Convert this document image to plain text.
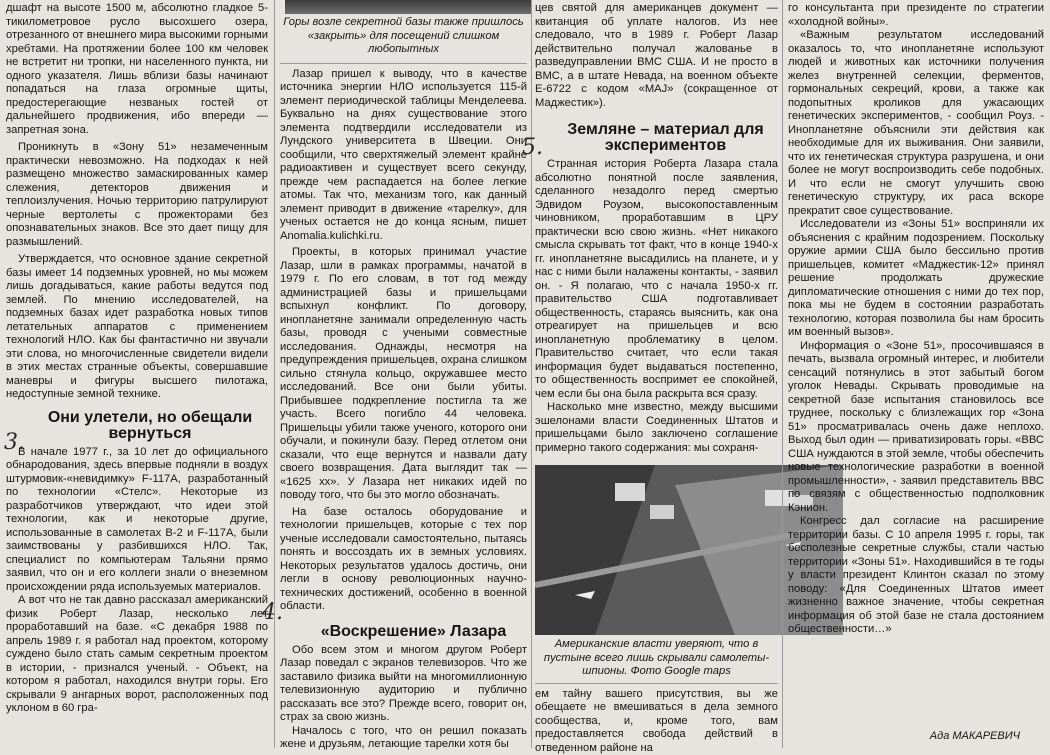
дшафт на высоте 1500 м, абсолютно гладкое 5-тикилометровое русло высохшего озера, отрезанного от внешнего мира высокими горными хребтами. На протяжении более 100 км человек не встретит ни тропки, ни населенного пункта, ни одного указателя. Лишь вблизи базы начинают попадаться на глаза огромные щиты, предостерегающие незваных гостей от дальнейшего продвижения, ибо впереди — запретная зона.

Проникнуть в «Зону 51» незамеченным практически невозможно. На подходах к ней размещено множество замаскированных камер слежения, детекторов движения и теплоизлучения. Ночью территорию патрулируют черные вертолеты с прожекторами без опознавательных знаков. Все это дает пищу для размышлений.

Утверждается, что основное здание секретной базы имеет 14 подземных уровней, но мы можем лишь догадываться, какие работы ведутся под землей. По мнению исследователей, на подземных базах идет разработка новых типов летательных аппаратов с применением технологий НЛО. Как бы фантастично ни звучали эти слова, но многочисленные свидетели видели в этих местах странные объекты, совершавшие маневры и фигуры высшего пилотажа, недоступные земной технике.

Они улетели, но обещали вернуться

В начале 1977 г., за 10 лет до официального обнародования, здесь впервые подняли в воздух штурмовик-«невидимку» F-117A, разработанный по технологии «Стелс». Некоторые из разработчиков утверждают, что идеи этой технологии, как и некоторые другие, использованные в самолетах B-2 и F-117A, были заимствованы у разбившихся НЛО. Так, специалист по компьютерам Тальяни прямо заявил, что он и его коллеги знали о внеземном происхождении ряда используемых материалов.

А вот что не так давно рассказал американский физик Роберт Лазар, несколько лет проработавший на базе. «С декабря 1988 по апрель 1989 г. я работал над проектом, которому суждено было стать самым секретным проектом в истории, - признался ученый. - Объект, на котором я работал, находился внутри горы. Его скрывали 9 ангарных ворот, расположенных под уклоном в 60 гра-

3.
Горы возле секретной базы также пришлось «закрыть» для посещений слишком любопытных

Лазар пришел к выводу, что в качестве источника энергии НЛО используется 115-й элемент периодической таблицы Менделеева. Буквально на днях существование этого элемента подтвердили исследователи из Лундского университета в Швеции. Они сообщили, что сверхтяжелый элемент крайне радиоактивен и существует всего секунду, прежде чем распадается на более легкие атомы. Так что, механизм того, как данный элемент приводит в движение «тарелку», для ученых остается не до конца ясным, пишет Anomalia.kulichki.ru.

Проекты, в которых принимал участие Лазар, шли в рамках программы, начатой в 1979 г. По его словам, в тот год между администрацией базы и пришельцами вспыхнул конфликт. По договору, инопланетяне занимали определенную часть базы, проводя с учеными совместные исследования. Однажды, несмотря на предупреждения пришельцев, охрана слишком сильно стянула кольцо, окружавшее место исследований. Все они были убиты. Прибывшее подкрепление постигла та же участь. Всего погибло 44 человека. Пришельцы убили также ученого, которого они обучали, и покинули базу. Перед отлетом они сказали, что еще вернутся и назвали дату своего возвращения. Дата выглядит так — «1625 хх». У Лазара нет никаких идей по поводу того, что бы это могло обозначать.

На базе осталось оборудование и технологии пришельцев, которые с тех пор ученые исследовали самостоятельно, пытаясь понять и воссоздать их в земных условиях. Некоторых результатов удалось достичь, они легли в основу революционных научно-технических достижений, особенно в военной области.

«Воскрешение» Лазара

Обо всем этом и многом другом Роберт Лазар поведал с экранов телевизоров. Что же заставило физика выйти на многомиллионную телевизионную аудиторию и публично рассказать все это? Прежде всего, говорит он, страх за свою жизнь.

Началось с того, что он решил показать жене и друзьям, летающие тарелки хотя бы

4.

цев святой для американцев документ — квитанция об уплате налогов. Из нее следовало, что в 1989 г. Роберт Лазар действительно получал жалованье в разведуправлении ВМС США. И не просто в ВМС, а в штате Невада, на военном объекте E-6722 с кодом «MAJ» (сокращенное от Маджестик»).

Земляне – материал для экспериментов

Странная история Роберта Лазара стала абсолютно понятной после заявления, сделанного незадолго перед смертью Эдвидом Роузом, высокопоставленным чиновником, проработавшим в ЦРУ практически всю свою жизнь. «Нет никакого смысла скрывать тот факт, что в конце 1940-х гг. инопланетяне высадились на планете, и у нас с ними были налажены контакты, - заявил он. - Я полагаю, что с начала 1950-х гг. правительство США подготавливает общественность, стараясь выяснить, как она отреагирует на пришельцев и всю инопланетную проблематику в целом. Правительство считает, что если такая информация будет выдаваться постепенно, то общественность воспримет ее спокойней, чем если бы она была раскрыта вся сразу.

Насколько мне известно, между высшими эшелонами власти Соединенных Штатов и пришельцами было заключено соглашение примерно такого содержания: мы сохраня-

5.
Американские власти уверяют, что в пустыне всего лишь скрывали самолеты-шпионы. Фото Google maps

ем тайну вашего присутствия, вы же обещаете не вмешиваться в дела земного сообщества, и, кроме того, вам предоставляется свобода действий в отведенном районе на

го консультанта при президенте по стратегии «холодной войны».

«Важным результатом исследований оказалось то, что инопланетяне используют людей и животных как источники получения желез внутренней селекции, ферментов, гормональных секреций, крови, а также как подопытных кроликов для ужасающих генетических экспериментов, - сообщил Роуз. - Инопланетяне объяснили эти действия как необходимые для их выживания. Они заявили, что их генетическая структура разрушена, и они более не могут воспроизводить себе подобных. И что если не смогут улучшить свою генетическую структуру, их раса вскоре прекратит свое существование.

Исследователи из «Зоны 51» восприняли их объяснения с крайним подозрением. Поскольку оружие армии США было бессильно против пришельцев, комитет «Маджестик-12» принял решение продолжать дружеские дипломатические отношения с ними до тех пор, пока мы не будем в состоянии разработать технологию, которая позволила бы нам бросить им военный вызов».

Информация о «Зоне 51», просочившаяся в печать, вызвала огромный интерес, и любители сенсаций потянулись в этот забытый богом уголок Невады. Скрывать проводимые на секретной базе испытания становилось все труднее, поскольку с близлежащих гор «Зона 51» просматривалась очень даже неплохо. Выход был один — приватизировать горы. «ВВС США нуждаются в этой земле, чтобы обеспечить новые технологические разработки в военной промышленности», - заявил представитель ВВС по связям с общественностью подполковник Кэнион.

Конгресс дал согласие на расширение территории базы. С 10 апреля 1995 г. горы, так бесполезные секретные службы, стали частью территории «Зоны 51». Находившийся в те годы у власти президент Клинтон сказал по этому поводу: «Для Соединенных Штатов имеет жизненно важное значение, чтобы секретная информация об этой базе не стала достоянием общественности…»

Ада МАКАРЕВИЧ
